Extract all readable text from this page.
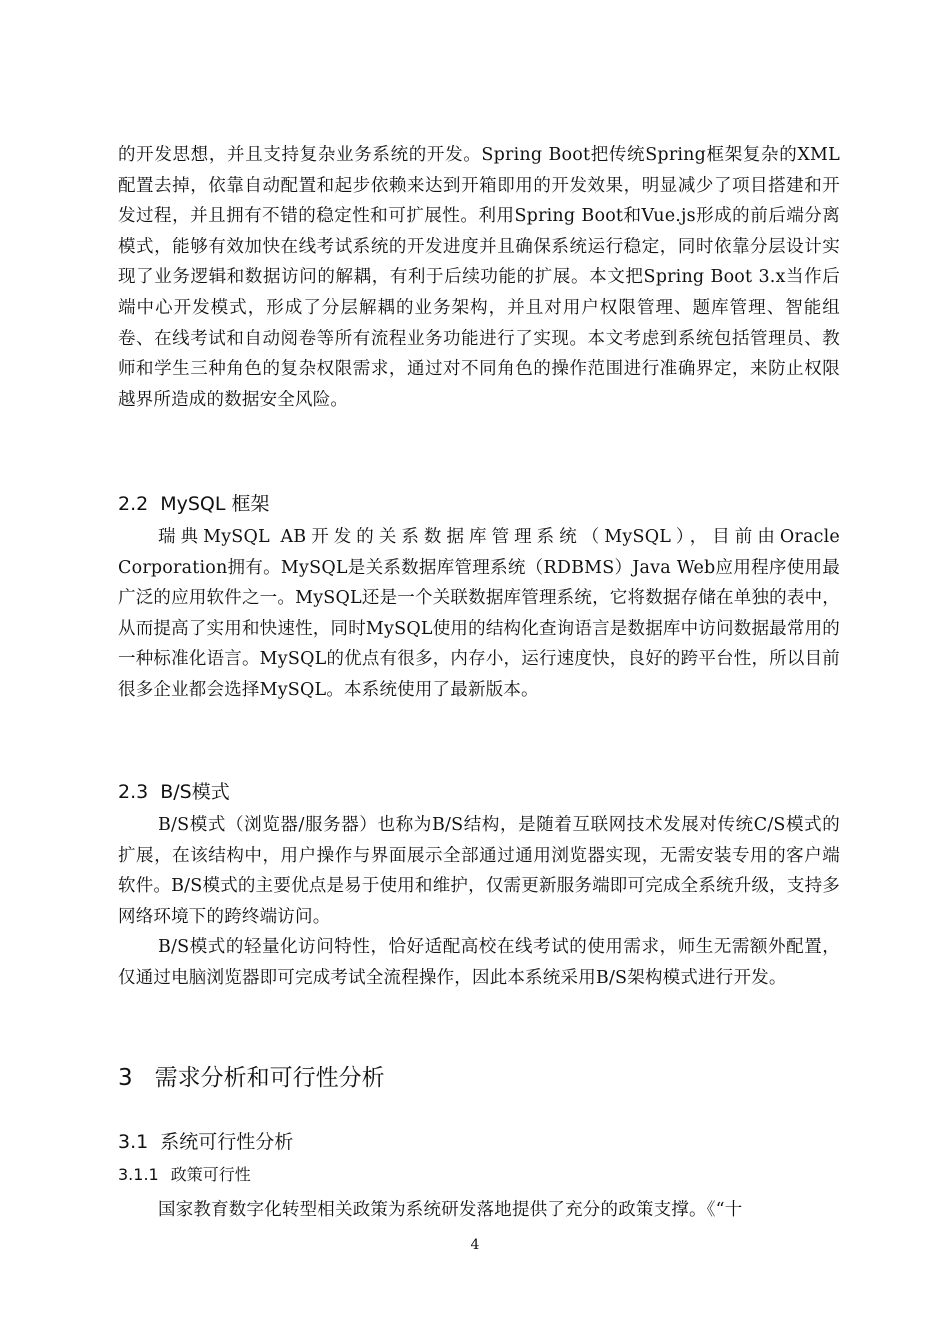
的开发思想，并且支持复杂业务系统的开发。Spring Boot把传统Spring框架复杂的XML配置去掉，依靠自动配置和起步依赖来达到开箱即用的开发效果，明显减少了项目搭建和开发过程，并且拥有不错的稳定性和可扩展性。利用Spring Boot和Vue.js形成的前后端分离模式，能够有效加快在线考试系统的开发进度并且确保系统运行稳定，同时依靠分层设计实现了业务逻辑和数据访问的解耦，有利于后续功能的扩展。本文把Spring Boot 3.x当作后端中心开发模式，形成了分层解耦的业务架构，并且对用户权限管理、题库管理、智能组卷、在线考试和自动阅卷等所有流程业务功能进行了实现。本文考虑到系统包括管理员、教师和学生三种角色的复杂权限需求，通过对不同角色的操作范围进行准确界定，来防止权限越界所造成的数据安全风险。

2.2 MySQL 框架

瑞典MySQL AB开发的关系数据库管理系统（MySQL），目前由Oracle Corporation拥有。MySQL是关系数据库管理系统（RDBMS）Java Web应用程序使用最广泛的应用软件之一。MySQL还是一个关联数据库管理系统，它将数据存储在单独的表中，从而提高了实用和快速性，同时MySQL使用的结构化查询语言是数据库中访问数据最常用的一种标准化语言。MySQL的优点有很多，内存小，运行速度快，良好的跨平台性，所以目前很多企业都会选择MySQL。本系统使用了最新版本。

2.3 B/S模式

B/S模式（浏览器/服务器）也称为B/S结构，是随着互联网技术发展对传统C/S模式的扩展，在该结构中，用户操作与界面展示全部通过通用浏览器实现，无需安装专用的客户端软件。B/S模式的主要优点是易于使用和维护，仅需更新服务端即可完成全系统升级，支持多网络环境下的跨终端访问。

B/S模式的轻量化访问特性，恰好适配高校在线考试的使用需求，师生无需额外配置，仅通过电脑浏览器即可完成考试全流程操作，因此本系统采用B/S架构模式进行开发。

3 需求分析和可行性分析
3.1 系统可行性分析
3.1.1 政策可行性

国家教育数字化转型相关政策为系统研发落地提供了充分的政策支撑。《“十

4
